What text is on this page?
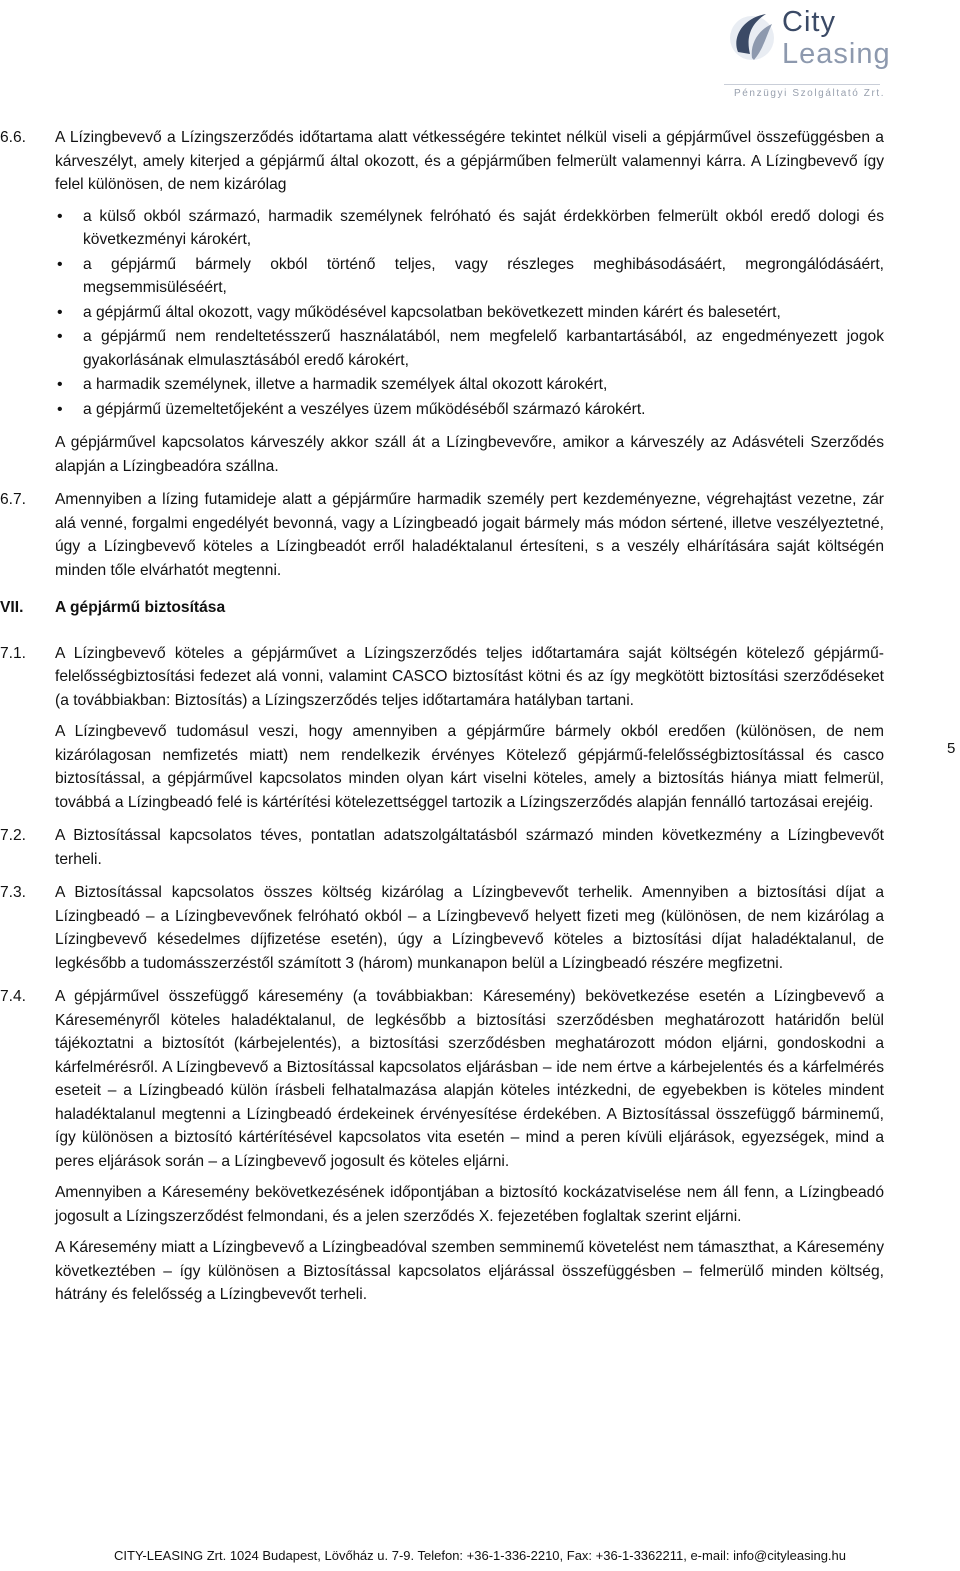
City
Leasing
Pénzügyi Szolgáltató Zrt.
5
6.6. A Lízingbevevő a Lízingszerződés időtartama alatt vétkességére tekintet nélkül viseli a gépjárművel összefüggésben a kárveszélyt, amely kiterjed a gépjármű által okozott, és a gépjárműben felmerült valamennyi kárra. A Lízingbevevő így felel különösen, de nem kizárólag

• a külső okból származó, harmadik személynek felróható és saját érdekkörben felmerült okból eredő dologi és következményi károkért,
• a gépjármű bármely okból történő teljes, vagy részleges meghibásodásáért, megrongálódásáért, megsemmisüléséért,
• a gépjármű által okozott, vagy működésével kapcsolatban bekövetkezett minden kárért és balesetért,
• a gépjármű nem rendeltetésszerű használatából, nem megfelelő karbantartásából, az engedményezett jogok gyakorlásának elmulasztásából eredő károkért,
• a harmadik személynek, illetve a harmadik személyek által okozott károkért,
• a gépjármű üzemeltetőjeként a veszélyes üzem működéséből származó károkért.

A gépjárművel kapcsolatos kárveszély akkor száll át a Lízingbevevőre, amikor a kárveszély az Adásvételi Szerződés alapján a Lízingbeadóra szállna.

6.7. Amennyiben a lízing futamideje alatt a gépjárműre harmadik személy pert kezdeményezne, végrehajtást vezetne, zár alá venné, forgalmi engedélyét bevonná, vagy a Lízingbeadó jogait bármely más módon sértené, illetve veszélyeztetné, úgy a Lízingbevevő köteles a Lízingbeadót erről haladéktalanul értesíteni, s a veszély elhárítására saját költségén minden tőle elvárhatót megtenni.

VII. A gépjármű biztosítása
7.1. A Lízingbevevő köteles a gépjárművet a Lízingszerződés teljes időtartamára saját költségén kötelező gépjármű-felelősségbiztosítási fedezet alá vonni, valamint CASCO biztosítást kötni és az így megkötött biztosítási szerződéseket (a továbbiakban: Biztosítás) a Lízingszerződés teljes időtartamára hatályban tartani.

A Lízingbevevő tudomásul veszi, hogy amennyiben a gépjárműre bármely okból eredően (különösen, de nem kizárólagosan nemfizetés miatt) nem rendelkezik érvényes Kötelező gépjármű-felelősségbiztosítással és casco biztosítással, a gépjárművel kapcsolatos minden olyan kárt viselni köteles, amely a biztosítás hiánya miatt felmerül, továbbá a Lízingbeadó felé is kártérítési kötelezettséggel tartozik a Lízingszerződés alapján fennálló tartozásai erejéig.

7.2. A Biztosítással kapcsolatos téves, pontatlan adatszolgáltatásból származó minden következmény a Lízingbevevőt terheli.

7.3. A Biztosítással kapcsolatos összes költség kizárólag a Lízingbevevőt terhelik. Amennyiben a biztosítási díjat a Lízingbeadó – a Lízingbevevőnek felróható okból – a Lízingbevevő helyett fizeti meg (különösen, de nem kizárólag a Lízingbevevő késedelmes díjfizetése esetén), úgy a Lízingbevevő köteles a biztosítási díjat haladéktalanul, de legkésőbb a tudomásszerzéstől számított 3 (három) munkanapon belül a Lízingbeadó részére megfizetni.

7.4. A gépjárművel összefüggő káresemény (a továbbiakban: Káresemény) bekövetkezése esetén a Lízingbevevő a Káreseményről köteles haladéktalanul, de legkésőbb a biztosítási szerződésben meghatározott határidőn belül tájékoztatni a biztosítót (kárbejelentés), a biztosítási szerződésben meghatározott módon eljárni, gondoskodni a kárfelmérésről. A Lízingbevevő a Biztosítással kapcsolatos eljárásban – ide nem értve a kárbejelentés és a kárfelmérés eseteit – a Lízingbeadó külön írásbeli felhatalmazása alapján köteles intézkedni, de egyebekben is köteles mindent haladéktalanul megtenni a Lízingbeadó érdekeinek érvényesítése érdekében. A Biztosítással összefüggő bárminemű, így különösen a biztosító kártérítésével kapcsolatos vita esetén – mind a peren kívüli eljárások, egyezségek, mind a peres eljárások során – a Lízingbevevő jogosult és köteles eljárni.

Amennyiben a Káresemény bekövetkezésének időpontjában a biztosító kockázatviselése nem áll fenn, a Lízingbeadó jogosult a Lízingszerződést felmondani, és a jelen szerződés X. fejezetében foglaltak szerint eljárni.

A Káresemény miatt a Lízingbevevő a Lízingbeadóval szemben semminemű követelést nem támaszthat, a Káresemény következtében – így különösen a Biztosítással kapcsolatos eljárással összefüggésben – felmerülő minden költség, hátrány és felelősség a Lízingbevevőt terheli.

CITY-LEASING Zrt. 1024 Budapest, Lövőház u. 7-9. Telefon: +36-1-336-2210, Fax: +36-1-3362211, e-mail: info@cityleasing.hu
